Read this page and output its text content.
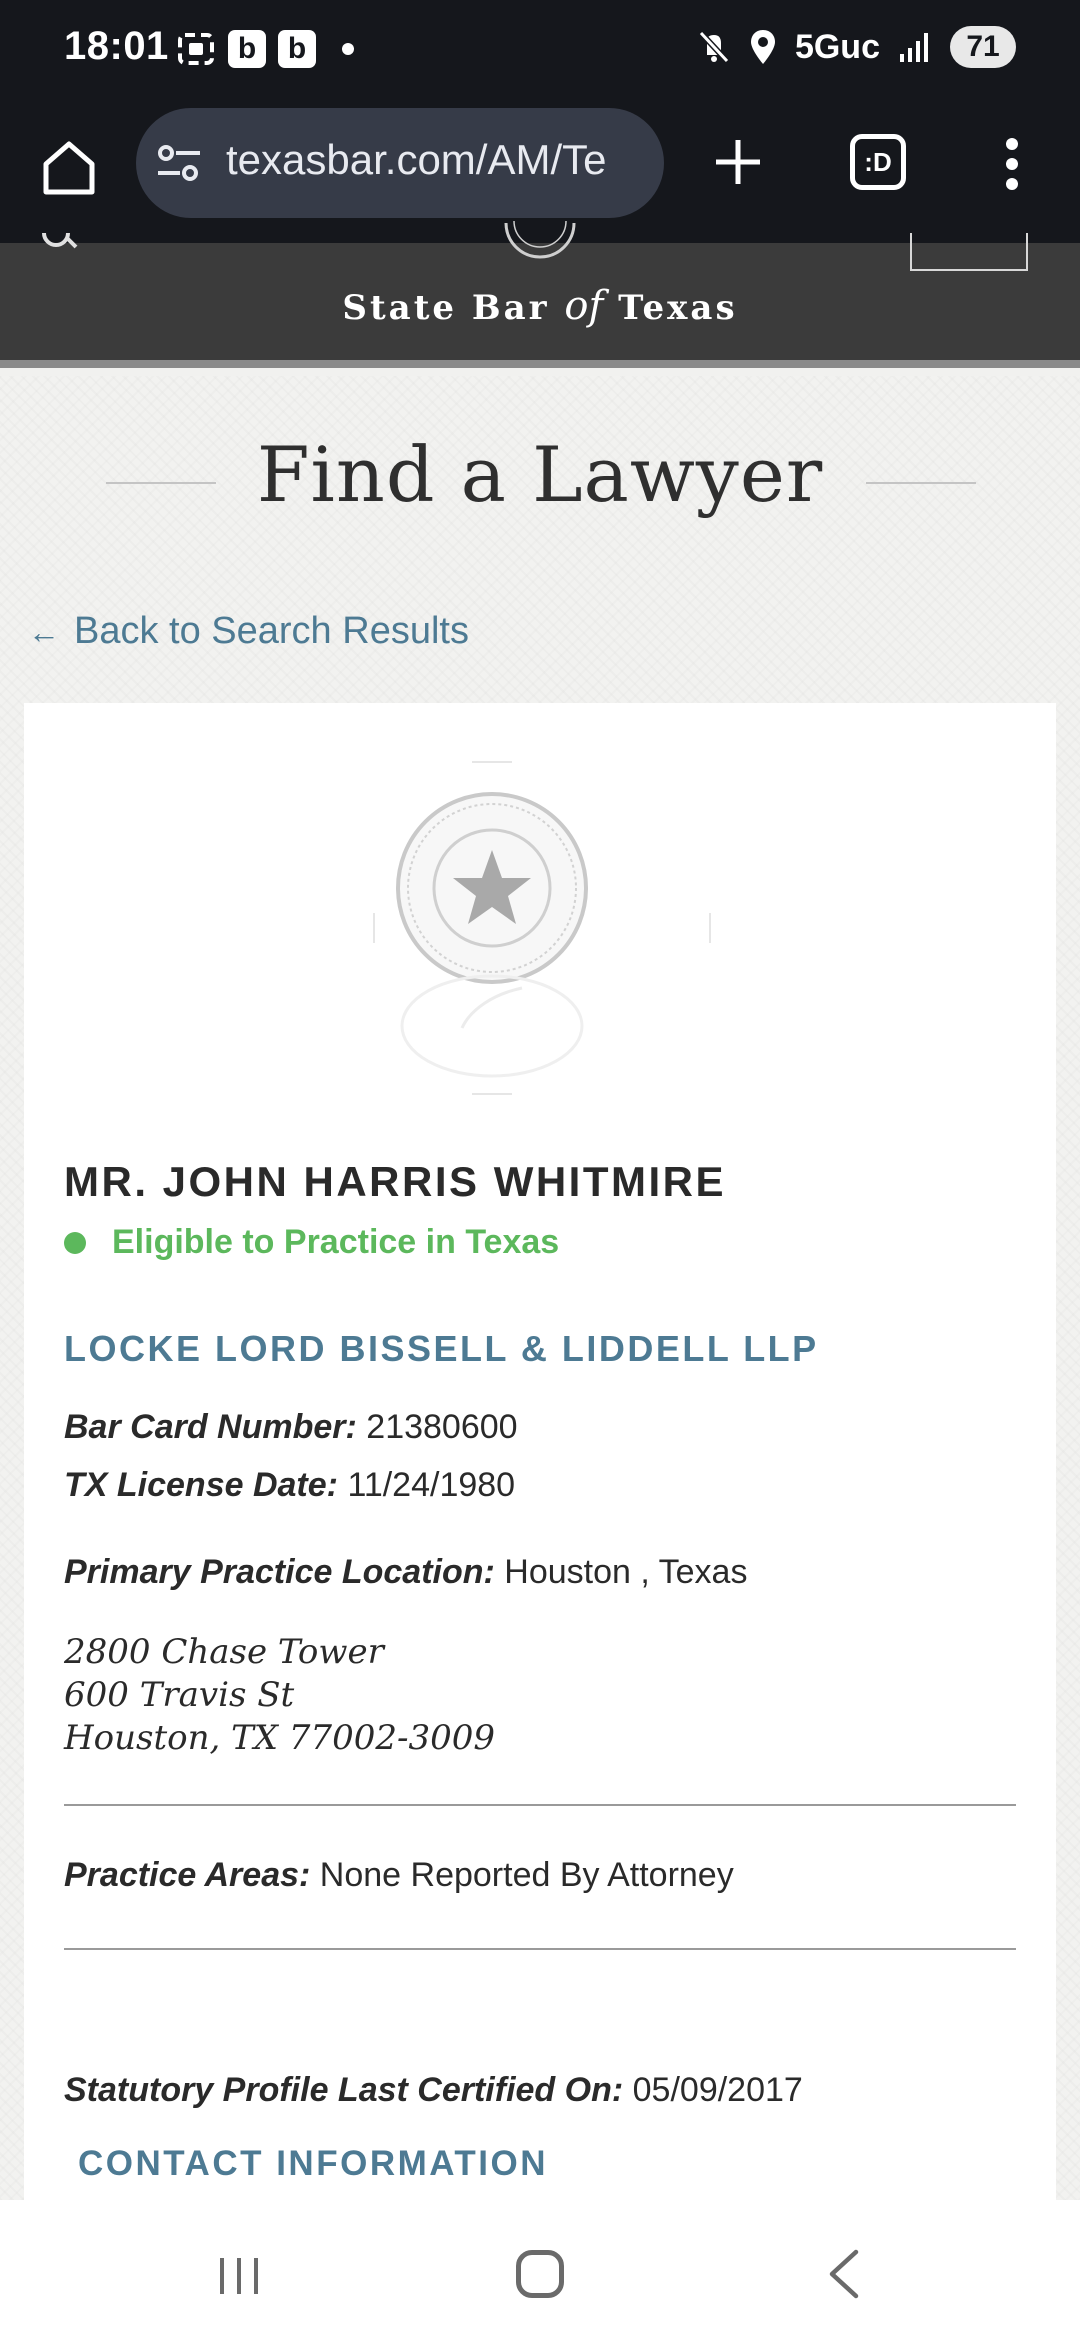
18:01	b	b	5Guc	71
texasbar.com/AM/Te	:D
State Bar of Texas
Find a Lawyer
← Back to Search Results
MR. JOHN HARRIS WHITMIRE
Eligible to Practice in Texas
LOCKE LORD BISSELL & LIDDELL LLP
Bar Card Number: 21380600
TX License Date: 11/24/1980
Primary Practice Location: Houston , Texas
2800 Chase Tower
600 Travis St
Houston, TX 77002-3009
Practice Areas: None Reported By Attorney
Statutory Profile Last Certified On: 05/09/2017
CONTACT INFORMATION
